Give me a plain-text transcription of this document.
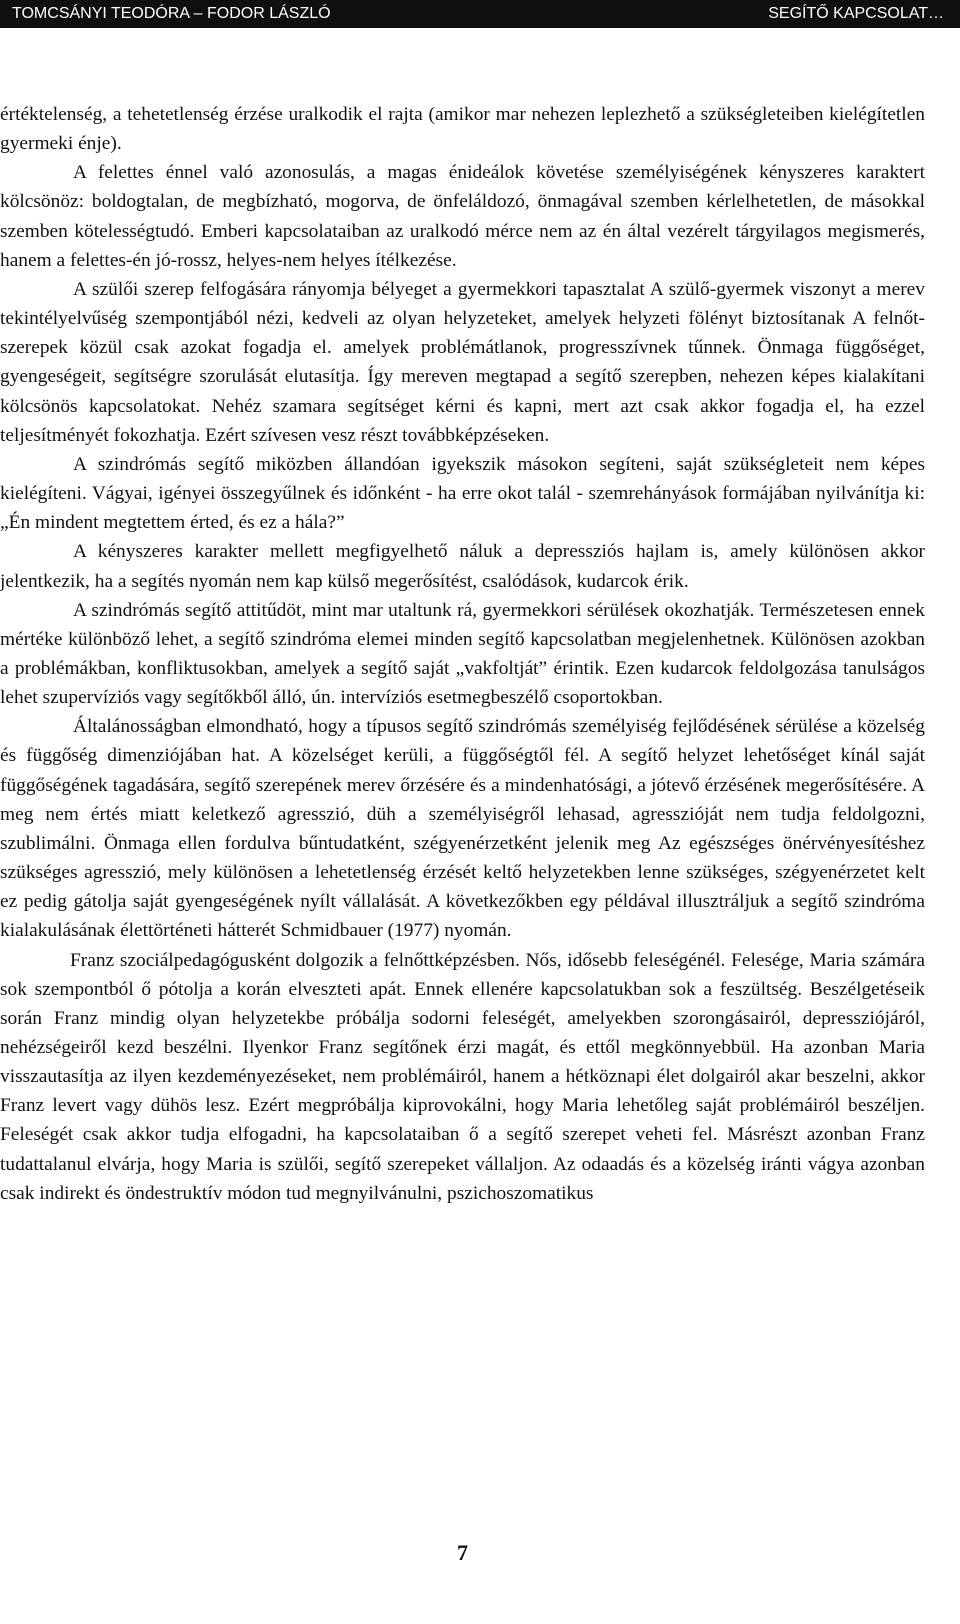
TOMCSÁNYI TEODÓRA – FODOR LÁSZLÓ	SEGÍTŐ KAPCSOLAT…

értéktelenség, a tehetetlenség érzése uralkodik el rajta (amikor mar nehezen leplezhető a szükségleteiben kielégítetlen gyermeki énje).

A felettes énnel való azonosulás, a magas énideálok követése személyiségének kényszeres karaktert kölcsönöz: boldogtalan, de megbízható, mogorva, de önfeláldozó, önmagával szemben kérlelhetetlen, de másokkal szemben kötelességtudó. Emberi kapcsolataiban az uralkodó mérce nem az én által vezérelt tárgyilagos megismerés, hanem a felettes-én jó-rossz, helyes-nem helyes ítélkezése.

A szülői szerep felfogására rányomja bélyeget a gyermekkori tapasztalat A szülő-gyermek viszonyt a merev tekintélyelvűség szempontjából nézi, kedveli az olyan helyzeteket, amelyek helyzeti fölényt biztosítanak A felnőt-szerepek közül csak azokat fogadja el. amelyek problémátlanok, progresszívnek tűnnek. Önmaga függőséget, gyengeségeit, segítségre szorulását elutasítja. Így mereven megtapad a segítő szerepben, nehezen képes kialakítani kölcsönös kapcsolatokat. Nehéz szamara segítséget kérni és kapni, mert azt csak akkor fogadja el, ha ezzel teljesítményét fokozhatja. Ezért szívesen vesz részt továbbképzéseken.

A szindrómás segítő miközben állandóan igyekszik másokon segíteni, saját szükségleteit nem képes kielégíteni. Vágyai, igényei összegyűlnek és időnként - ha erre okot talál - szemrehányások formájában nyilvánítja ki: „Én mindent megtettem érted, és ez a hála?”

A kényszeres karakter mellett megfigyelhető náluk a depressziós hajlam is, amely különösen akkor jelentkezik, ha a segítés nyomán nem kap külső megerősítést, csalódások, kudarcok érik.

A szindrómás segítő attitűdöt, mint mar utaltunk rá, gyermekkori sérülések okozhatják. Természetesen ennek mértéke különböző lehet, a segítő szindróma elemei minden segítő kapcsolatban megjelenhetnek. Különösen azokban a problémákban, konfliktusokban, amelyek a segítő saját „vakfoltját” érintik. Ezen kudarcok feldolgozása tanulságos lehet szupervíziós vagy segítőkből álló, ún. intervíziós esetmegbeszélő csoportokban.

Általánosságban elmondható, hogy a típusos segítő szindrómás személyiség fejlődésének sérülése a közelség és függőség dimenziójában hat. A közelséget kerüli, a függőségtől fél. A segítő helyzet lehetőséget kínál saját függőségének tagadására, segítő szerepének merev őrzésére és a mindenhatósági, a jótevő érzésének megerősítésére. A meg nem értés miatt keletkező agresszió, düh a személyiségről lehasad, agresszióját nem tudja feldolgozni, szublimálni. Önmaga ellen fordulva bűntudatként, szégyenérzetként jelenik meg Az egészséges önérvényesítéshez szükséges agresszió, mely különösen a lehetetlenség érzését keltő helyzetekben lenne szükséges, szégyenérzetet kelt ez pedig gátolja saját gyengeségének nyílt vállalását. A következőkben egy példával illusztráljuk a segítő szindróma kialakulásának élettörténeti hátterét Schmidbauer (1977) nyomán.

Franz szociálpedagógusként dolgozik a felnőttképzésben. Nős, idősebb feleségénél. Felesége, Maria számára sok szempontból ő pótolja a korán elveszteti apát. Ennek ellenére kapcsolatukban sok a feszültség. Beszélgetéseik során Franz mindig olyan helyzetekbe próbálja sodorni feleségét, amelyekben szorongásairól, depressziójáról, nehézségeiről kezd beszélni. Ilyenkor Franz segítőnek érzi magát, és ettől megkönnyebbül. Ha azonban Maria visszautasítja az ilyen kezdeményezéseket, nem problémáiról, hanem a hétköznapi élet dolgairól akar beszelni, akkor Franz levert vagy dühös lesz. Ezért megpróbálja kiprovokálni, hogy Maria lehetőleg saját problémáiról beszéljen. Feleségét csak akkor tudja elfogadni, ha kapcsolataiban ő a segítő szerepet veheti fel. Másrészt azonban Franz tudattalanul elvárja, hogy Maria is szülői, segítő szerepeket vállaljon. Az odaadás és a közelség iránti vágya azonban csak indirekt és öndestruktív módon tud megnyilvánulni, pszichoszomatikus

7
